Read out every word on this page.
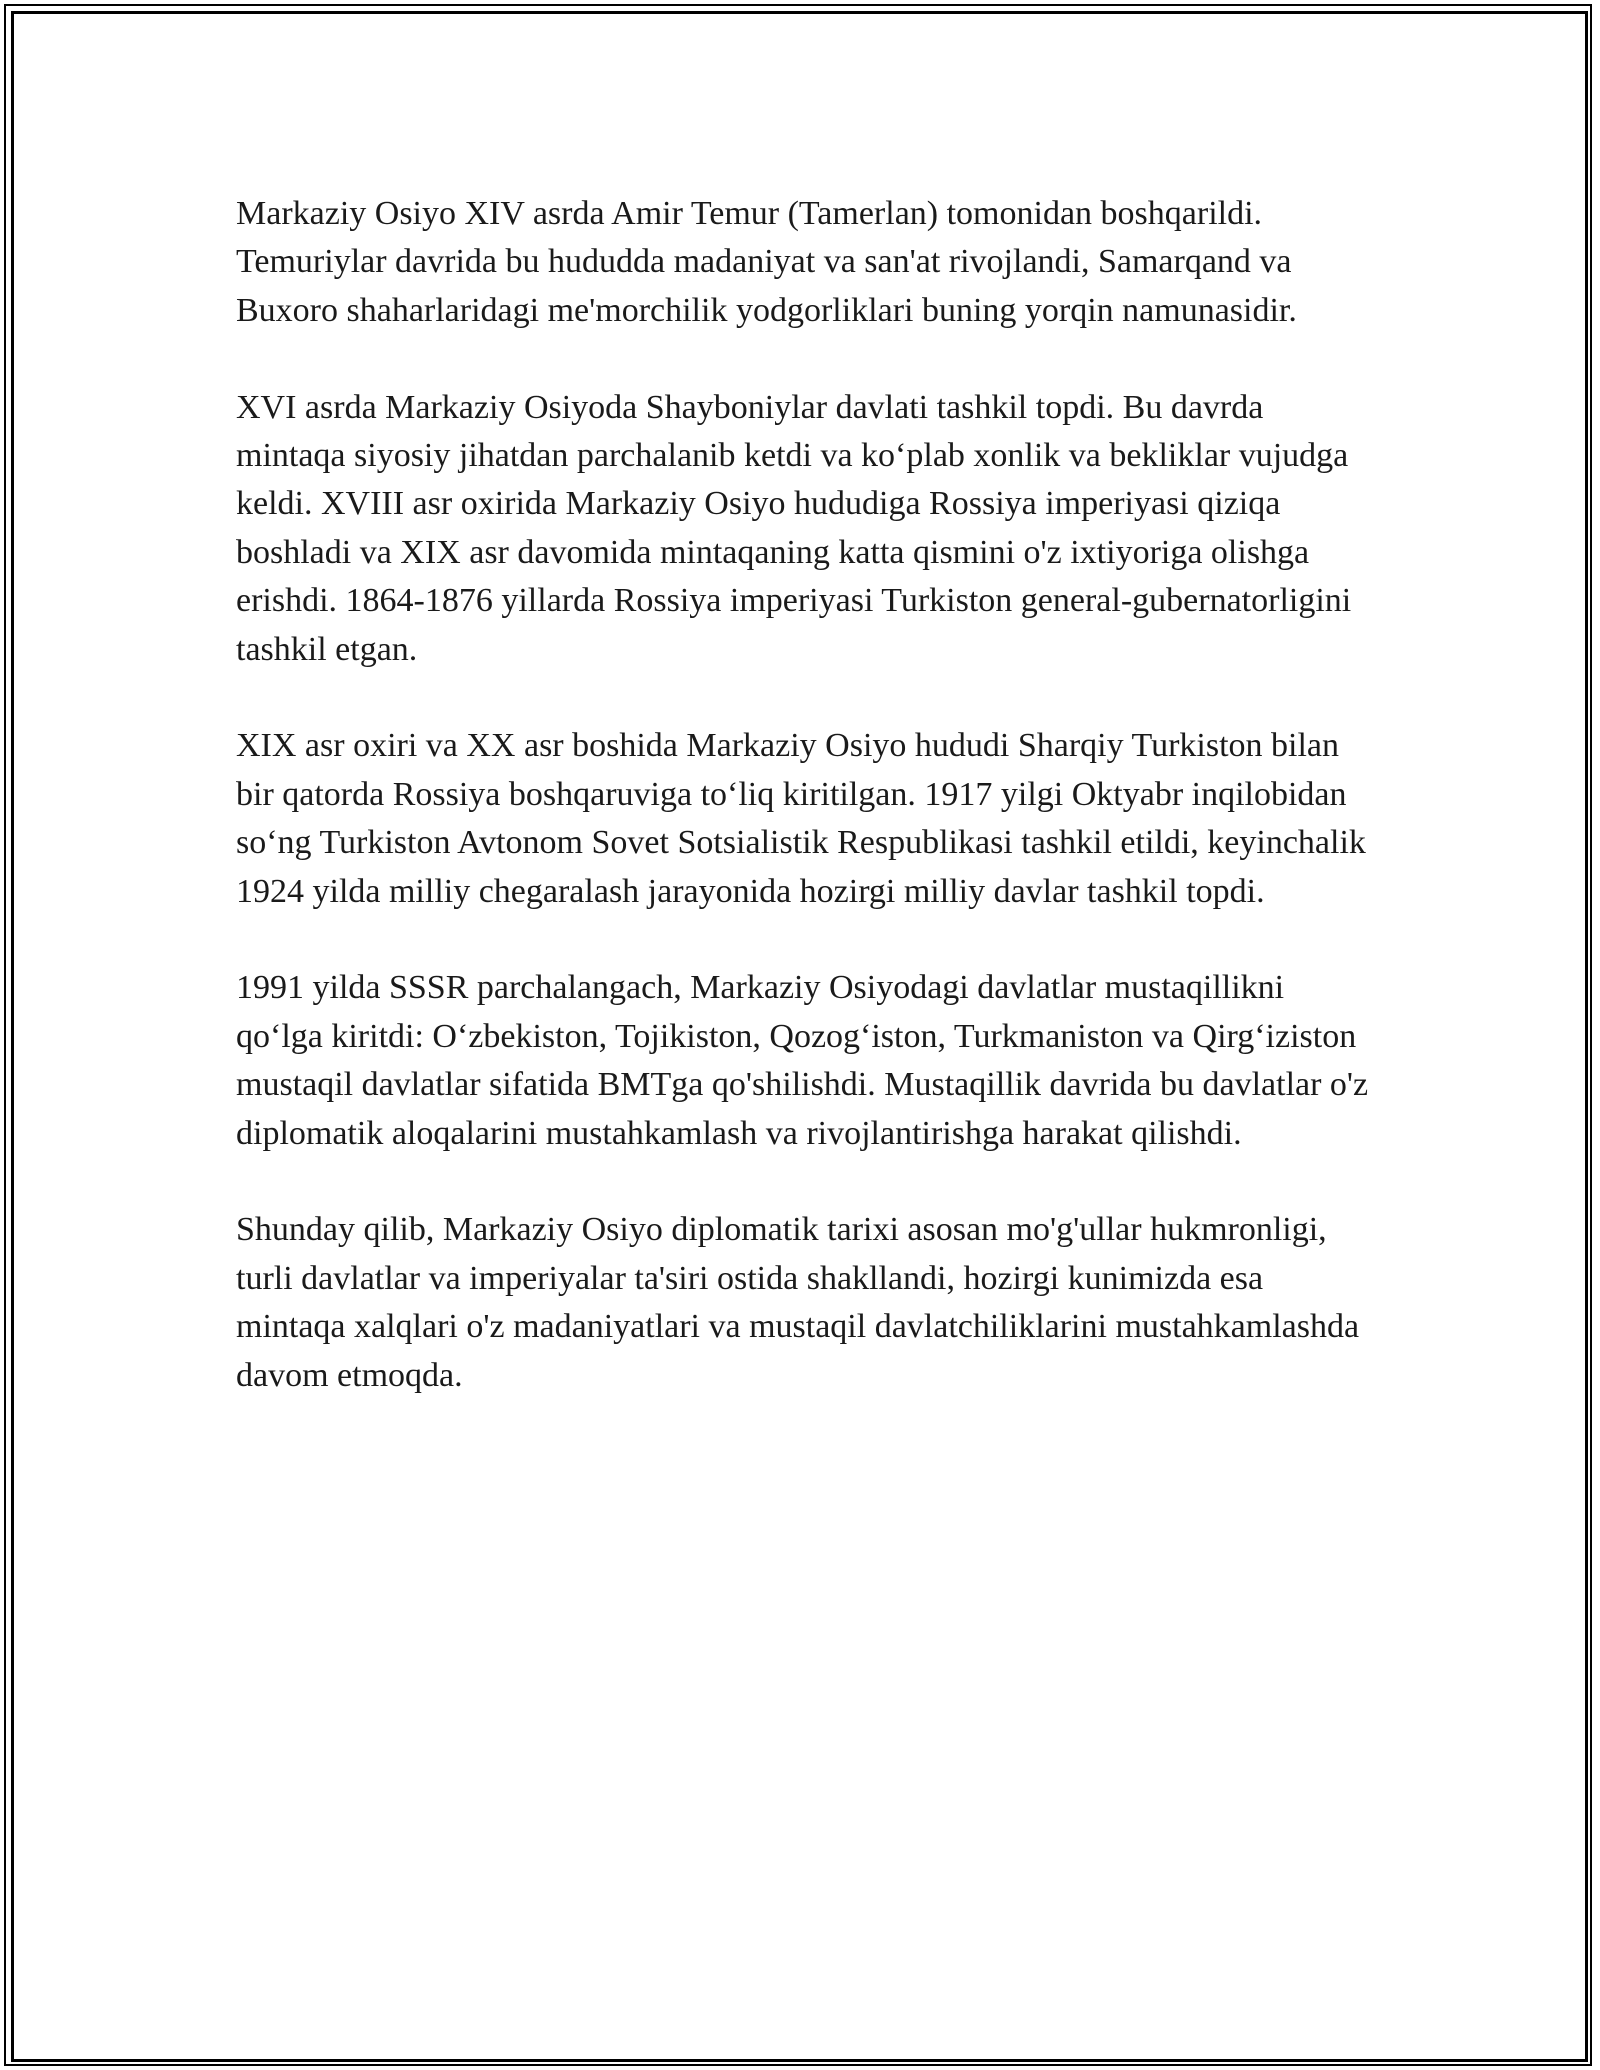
Markaziy Osiyo XIV asrda Amir Temur (Tamerlan) tomonidan boshqarildi. Temuriylar davrida bu hududda madaniyat va san'at rivojlandi, Samarqand va Buxoro shaharlaridagi me'morchilik yodgorliklari buning yorqin namunasidir.

XVI asrda Markaziy Osiyoda Shayboniylar davlati tashkil topdi. Bu davrda mintaqa siyosiy jihatdan parchalanib ketdi va ko‘plab xonlik va bekliklar vujudga keldi. XVIII asr oxirida Markaziy Osiyo hududiga Rossiya imperiyasi qiziqa boshladi va XIX asr davomida mintaqaning katta qismini o'z ixtiyoriga olishga erishdi. 1864-1876 yillarda Rossiya imperiyasi Turkiston general-gubernatorligini tashkil etgan.

XIX asr oxiri va XX asr boshida Markaziy Osiyo hududi Sharqiy Turkiston bilan bir qatorda Rossiya boshqaruviga to‘liq kiritilgan. 1917 yilgi Oktyabr inqilobidan so‘ng Turkiston Avtonom Sovet Sotsialistik Respublikasi tashkil etildi, keyinchalik 1924 yilda milliy chegaralash jarayonida hozirgi milliy davlar tashkil topdi.

1991 yilda SSSR parchalangach, Markaziy Osiyodagi davlatlar mustaqillikni qo‘lga kiritdi: O‘zbekiston, Tojikiston, Qozog‘iston, Turkmaniston va Qirg‘iziston mustaqil davlatlar sifatida BMTga qo'shilishdi. Mustaqillik davrida bu davlatlar o'z diplomatik aloqalarini mustahkamlash va rivojlantirishga harakat qilishdi.

Shunday qilib, Markaziy Osiyo diplomatik tarixi asosan mo'g'ullar hukmronligi, turli davlatlar va imperiyalar ta'siri ostida shakllandi, hozirgi kunimizda esa mintaqa xalqlari o'z madaniyatlari va mustaqil davlatchiliklarini mustahkamlashda davom etmoqda.
